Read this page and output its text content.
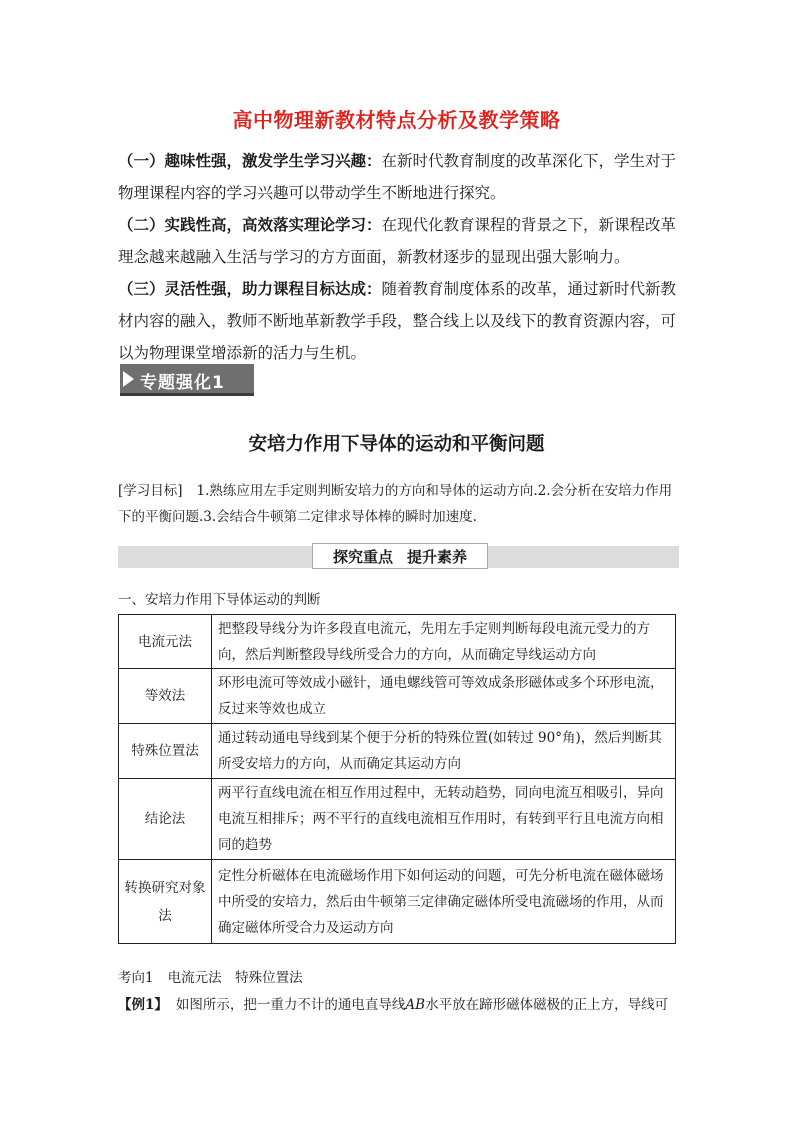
高中物理新教材特点分析及教学策略

（一）趣味性强，激发学生学习兴趣：在新时代教育制度的改革深化下，学生对于物理课程内容的学习兴趣可以带动学生不断地进行探究。

（二）实践性高，高效落实理论学习：在现代化教育课程的背景之下，新课程改革理念越来越融入生活与学习的方方面面，新教材逐步的显现出强大影响力。

（三）灵活性强，助力课程目标达成：随着教育制度体系的改革，通过新时代新教材内容的融入，教师不断地革新教学手段，整合线上以及线下的教育资源内容，可以为物理课堂增添新的活力与生机。

专题强化1
安培力作用下导体的运动和平衡问题
[学习目标] 1.熟练应用左手定则判断安培力的方向和导体的运动方向.2.会分析在安培力作用下的平衡问题.3.会结合牛顿第二定律求导体棒的瞬时加速度.
探究重点 提升素养
一、安培力作用下导体运动的判断
电流元法	把整段导线分为许多段直电流元，先用左手定则判断每段电流元受力的方向，然后判断整段导线所受合力的方向，从而确定导线运动方向
等效法	环形电流可等效成小磁针，通电螺线管可等效成条形磁体或多个环形电流，反过来等效也成立
特殊位置法	通过转动通电导线到某个便于分析的特殊位置(如转过 90°角)，然后判断其所受安培力的方向，从而确定其运动方向
结论法	两平行直线电流在相互作用过程中，无转动趋势，同向电流互相吸引，异向电流互相排斥；两不平行的直线电流相互作用时，有转到平行且电流方向相同的趋势
转换研究对象法	定性分析磁体在电流磁场作用下如何运动的问题，可先分析电流在磁体磁场中所受的安培力，然后由牛顿第三定律确定磁体所受电流磁场的作用，从而确定磁体所受合力及运动方向
考向1 电流元法　特殊位置法
【例1】 如图所示，把一重力不计的通电直导线AB水平放在蹄形磁体磁极的正上方，导线可
